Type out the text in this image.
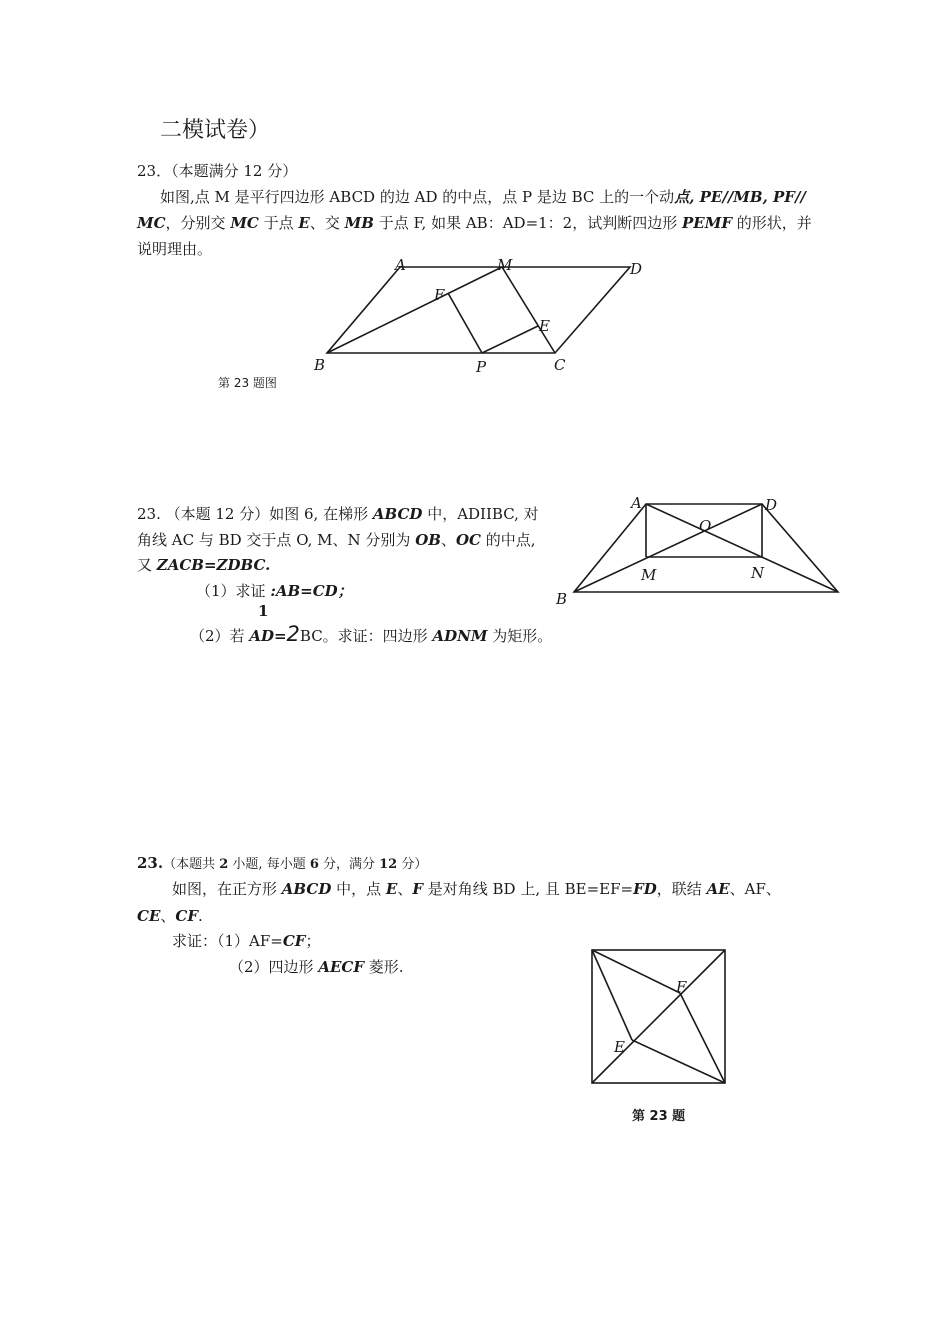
二模试卷）
23．（本题满分 12 分）
如图,点 M 是平行四边形 ABCD 的边 AD 的中点，点 P 是边 BC 上的一个动点, PE//MB, PF//
MC，分别交 MC 于点 E、交 MB 于点 F, 如果 AB：AD=1：2，试判断四边形 PEMF 的形状，并
说明理由。
A	M	D
F
E
B	P	C
第 23 题图
23. （本题 12 分）如图 6, 在梯形 ABCD 中，ADIIBC, 对
角线 AC 与 BD 交于点 O, M、N 分别为 OB、OC 的中点,
又 ZACB=ZDBC.
（1）求证 :AB=CD；
1
（2）若 AD=2BC。求证：四边形 ADNM 为矩形。
A	D
O
M	N
B
23.（本题共 2 小题, 每小题 6 分，满分 12 分）
如图，在正方形 ABCD 中，点 E、F 是对角线 BD 上, 且 BE=EF=FD，联结 AE、AF、
CE、CF.
求证：（1）AF=CF；
（2）四边形 AECF 菱形.
F
E
第 23 题
